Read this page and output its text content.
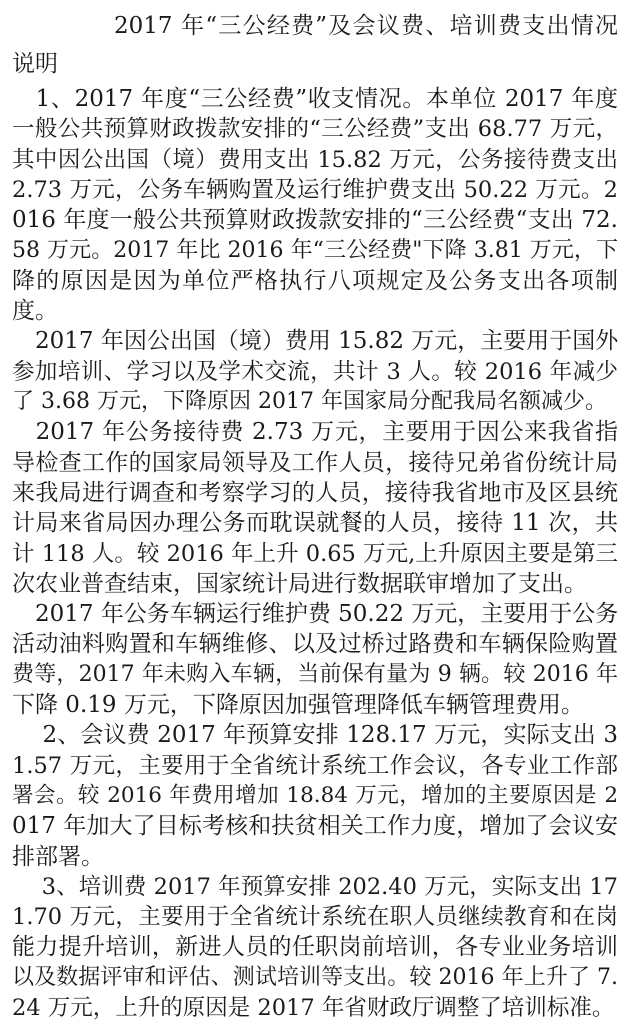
2017 年“三公经费”及会议费、培训费支出情况
说明
　1、2017 年度“三公经费”收支情况。本单位 2017 年度
一般公共预算财政拨款安排的“三公经费”支出 68.77 万元，
其中因公出国（境）费用支出 15.82 万元，公务接待费支出
2.73 万元，公务车辆购置及运行维护费支出 50.22 万元。2
016 年度一般公共预算财政拨款安排的“三公经费“支出 72.
58 万元。2017 年比 2016 年“三公经费"下降 3.81 万元，下
降的原因是因为单位严格执行八项规定及公务支出各项制
度。
　2017 年因公出国（境）费用 15.82 万元，主要用于国外
参加培训、学习以及学术交流，共计 3 人。较 2016 年减少
了 3.68 万元，下降原因 2017 年国家局分配我局名额减少。
　2017 年公务接待费 2.73 万元，主要用于因公来我省指
导检查工作的国家局领导及工作人员，接待兄弟省份统计局
来我局进行调查和考察学习的人员，接待我省地市及区县统
计局来省局因办理公务而耽误就餐的人员，接待 11 次，共
计 118 人。较 2016 年上升 0.65 万元,上升原因主要是第三
次农业普查结束，国家统计局进行数据联审增加了支出。
　2017 年公务车辆运行维护费 50.22 万元，主要用于公务
活动油料购置和车辆维修、以及过桥过路费和车辆保险购置
费等，2017 年未购入车辆，当前保有量为 9 辆。较 2016 年
下降 0.19 万元，下降原因加强管理降低车辆管理费用。
　 2、会议费 2017 年预算安排 128.17 万元，实际支出 3
1.57 万元，主要用于全省统计系统工作会议，各专业工作部
署会。较 2016 年费用增加 18.84 万元，增加的主要原因是 2
017 年加大了目标考核和扶贫相关工作力度，增加了会议安
排部署。
　 3、培训费 2017 年预算安排 202.40 万元，实际支出 17
1.70 万元，主要用于全省统计系统在职人员继续教育和在岗
能力提升培训，新进人员的任职岗前培训，各专业业务培训
以及数据评审和评估、测试培训等支出。较 2016 年上升了 7.
24 万元，上升的原因是 2017 年省财政厅调整了培训标准。
